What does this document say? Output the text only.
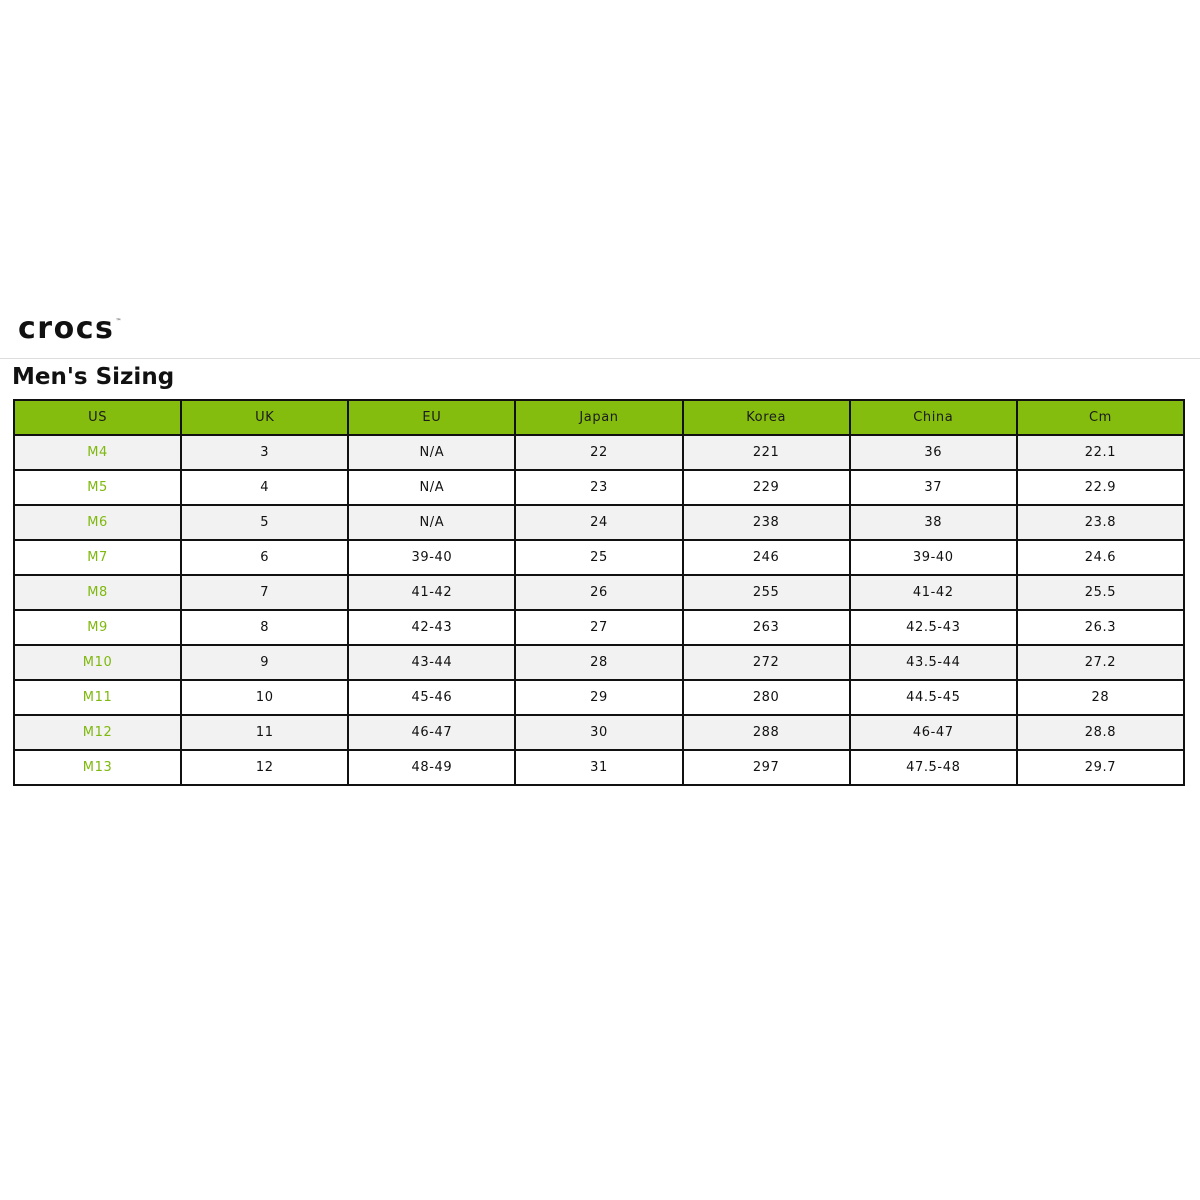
crocs ™
Men's Sizing
US	UK	EU	Japan	Korea	China	Cm
M4	3	N/A	22	221	36	22.1
M5	4	N/A	23	229	37	22.9
M6	5	N/A	24	238	38	23.8
M7	6	39-40	25	246	39-40	24.6
M8	7	41-42	26	255	41-42	25.5
M9	8	42-43	27	263	42.5-43	26.3
M10	9	43-44	28	272	43.5-44	27.2
M11	10	45-46	29	280	44.5-45	28
M12	11	46-47	30	288	46-47	28.8
M13	12	48-49	31	297	47.5-48	29.7
